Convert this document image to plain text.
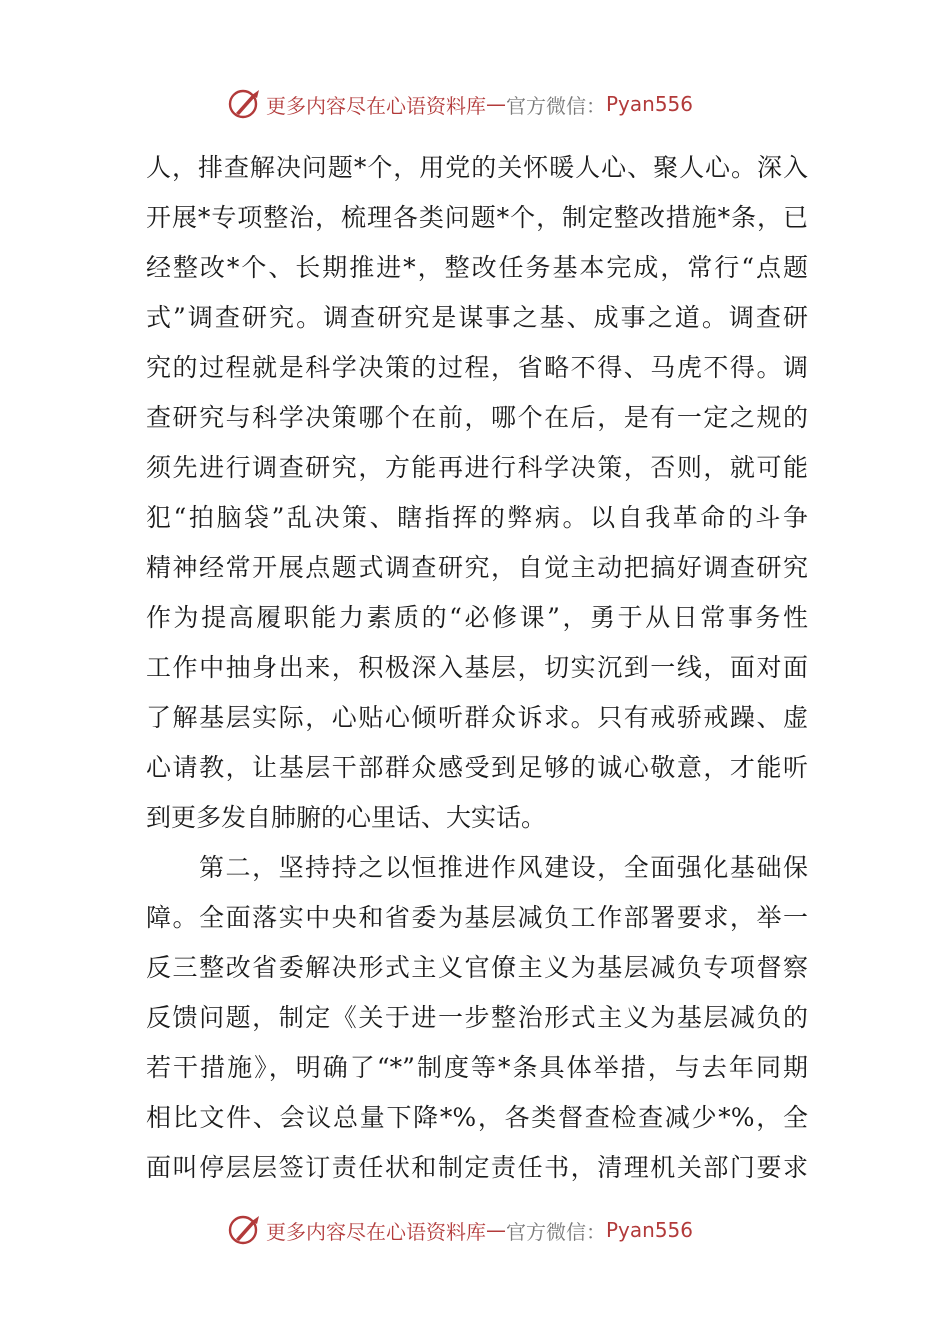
更多内容尽在心语资料库 — 官方微信： Pyan556
人，排查解决问题*个，用党的关怀暖人心、聚人心。深入
开展*专项整治，梳理各类问题*个，制定整改措施*条，已
经整改*个、长期推进*，整改任务基本完成，常行“点题
式”调查研究。调查研究是谋事之基、成事之道。调查研
究的过程就是科学决策的过程，省略不得、马虎不得。调
查研究与科学决策哪个在前，哪个在后，是有一定之规的
须先进行调查研究，方能再进行科学决策，否则，就可能
犯“拍脑袋”乱决策、瞎指挥的弊病。以自我革命的斗争
精神经常开展点题式调查研究，自觉主动把搞好调查研究
作为提高履职能力素质的“必修课”，勇于从日常事务性
工作中抽身出来，积极深入基层，切实沉到一线，面对面
了解基层实际，心贴心倾听群众诉求。只有戒骄戒躁、虚
心请教，让基层干部群众感受到足够的诚心敬意，才能听
到更多发自肺腑的心里话、大实话。
第二，坚持持之以恒推进作风建设，全面强化基础保
障。全面落实中央和省委为基层减负工作部署要求，举一
反三整改省委解决形式主义官僚主义为基层减负专项督察
反馈问题，制定《关于进一步整治形式主义为基层减负的
若干措施》，明确了“*”制度等*条具体举措，与去年同期
相比文件、会议总量下降*%，各类督查检查减少*%，全
面叫停层层签订责任状和制定责任书，清理机关部门要求
更多内容尽在心语资料库 — 官方微信： Pyan556
